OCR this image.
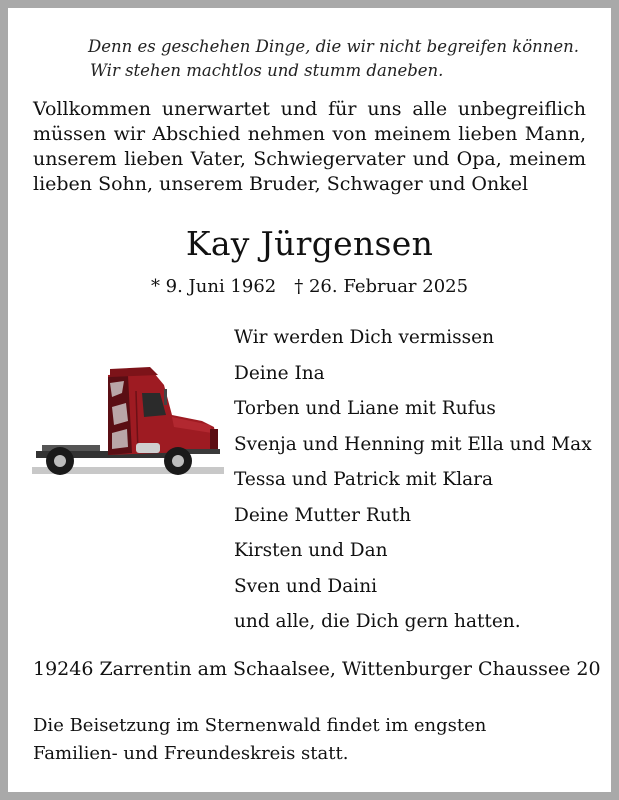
Denn es geschehen Dinge, die wir nicht begreifen können.
Wir stehen machtlos und stumm daneben.
Vollkommen unerwartet und für uns alle unbegreiflich müssen wir Abschied nehmen von meinem lieben Mann, unserem lieben Vater, Schwiegervater und Opa, meinem lieben Sohn, unserem Bruder, Schwager und Onkel
Kay Jürgensen
* 9. Juni 1962 † 26. Februar 2025
Wir werden Dich vermissen
Deine Ina
Torben und Liane mit Rufus
Svenja und Henning mit Ella und Max
Tessa und Patrick mit Klara
Deine Mutter Ruth
Kirsten und Dan
Sven und Daini
und alle, die Dich gern hatten.
19246 Zarrentin am Schaalsee, Wittenburger Chaussee 20
Die Beisetzung im Sternenwald findet im engsten
Familien- und Freundeskreis statt.
